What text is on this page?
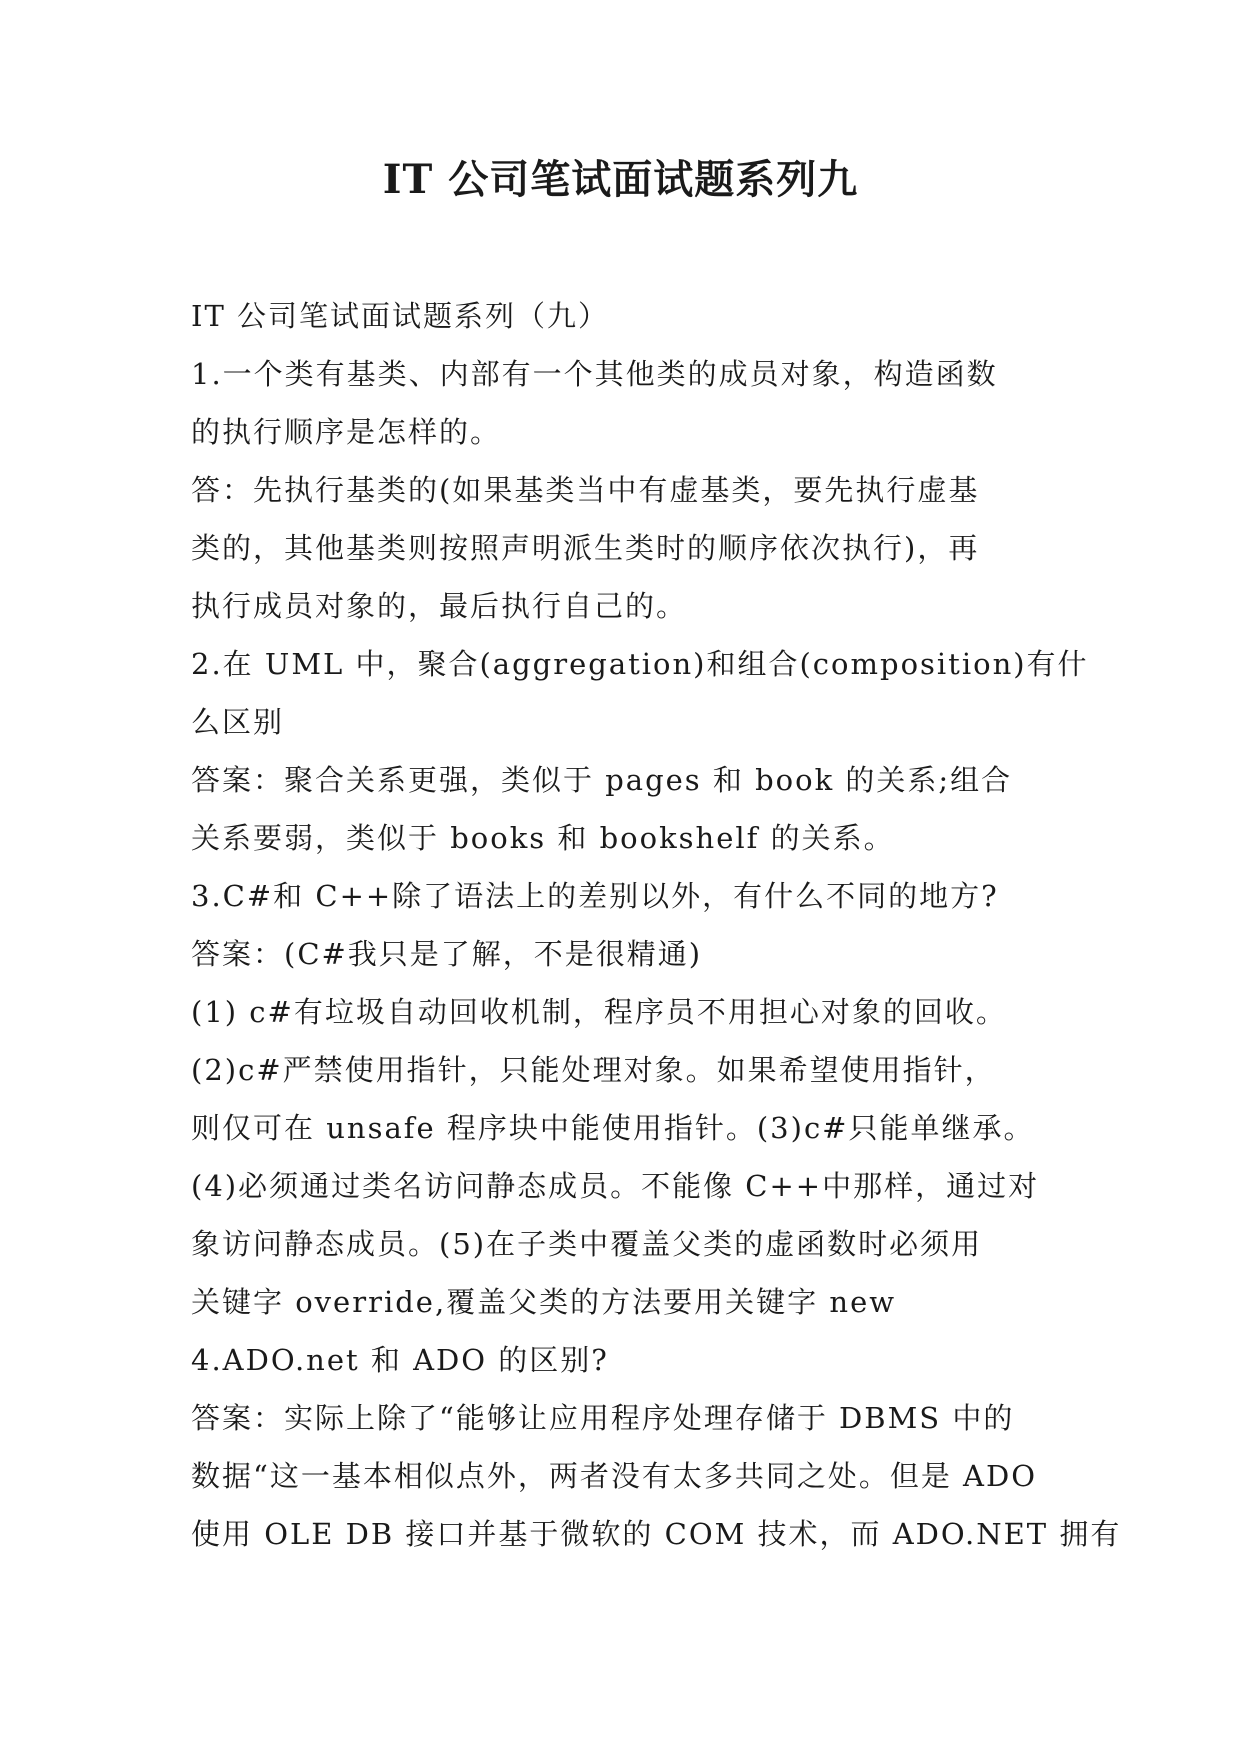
IT 公司笔试面试题系列九
IT 公司笔试面试题系列（九）
1.一个类有基类、内部有一个其他类的成员对象，构造函数
的执行顺序是怎样的。
答：先执行基类的(如果基类当中有虚基类，要先执行虚基
类的，其他基类则按照声明派生类时的顺序依次执行)，再
执行成员对象的，最后执行自己的。
2.在 UML 中，聚合(aggregation)和组合(composition)有什
么区别
答案：聚合关系更强，类似于 pages 和 book 的关系;组合
关系要弱，类似于 books 和 bookshelf 的关系。
3.C#和 C++除了语法上的差别以外，有什么不同的地方?
答案：(C#我只是了解，不是很精通)
(1) c#有垃圾自动回收机制，程序员不用担心对象的回收。
(2)c#严禁使用指针，只能处理对象。如果希望使用指针，
则仅可在 unsafe 程序块中能使用指针。(3)c#只能单继承。
(4)必须通过类名访问静态成员。不能像 C++中那样，通过对
象访问静态成员。(5)在子类中覆盖父类的虚函数时必须用
关键字 override,覆盖父类的方法要用关键字 new
4.ADO.net 和 ADO 的区别?
答案：实际上除了“能够让应用程序处理存储于 DBMS 中的
数据“这一基本相似点外，两者没有太多共同之处。但是 ADO
使用 OLE DB 接口并基于微软的 COM 技术，而 ADO.NET 拥有
